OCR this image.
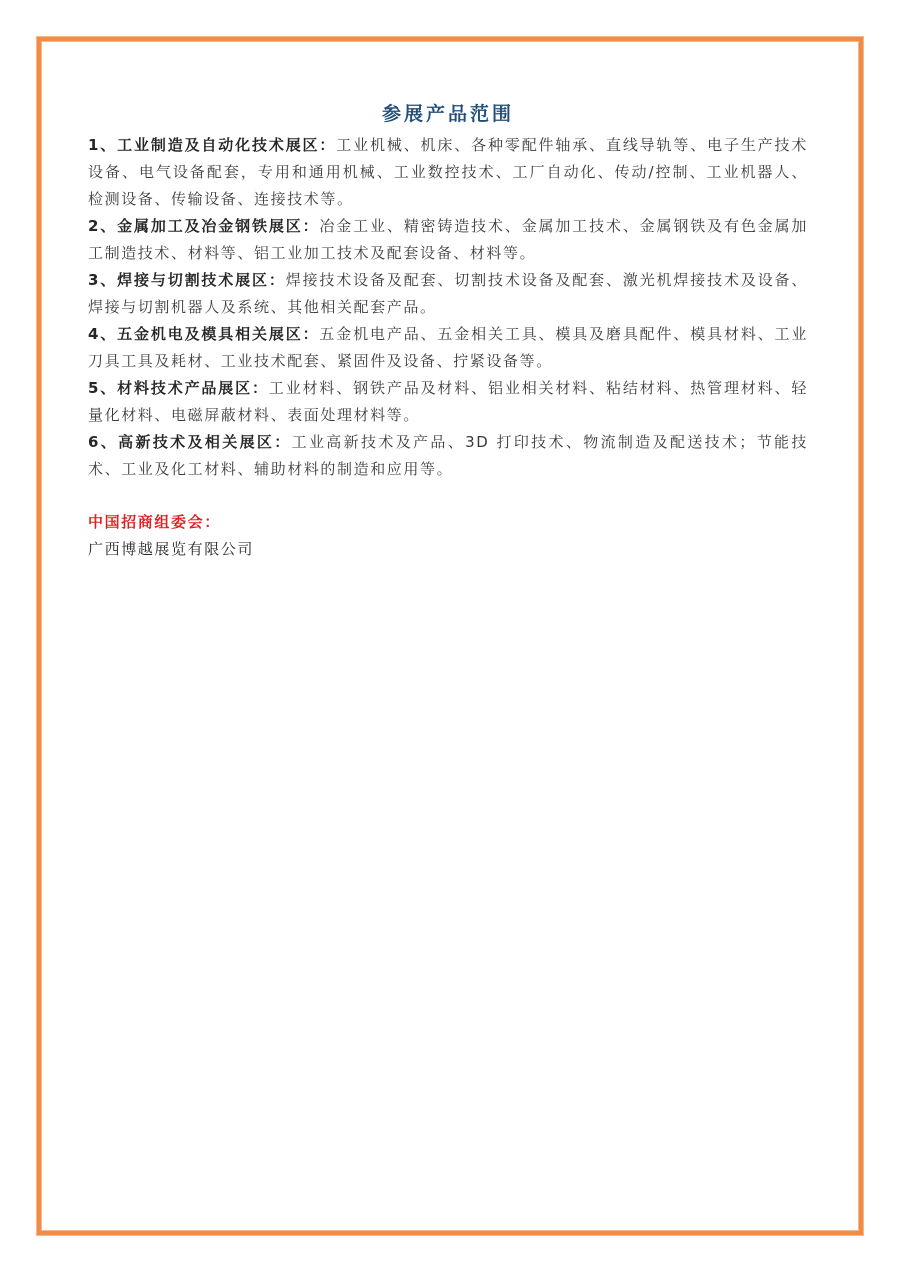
参展产品范围

1、工业制造及自动化技术展区：工业机械、机床、各种零配件轴承、直线导轨等、电子生产技术设备、电气设备配套，专用和通用机械、工业数控技术、工厂自动化、传动/控制、工业机器人、检测设备、传输设备、连接技术等。

2、金属加工及冶金钢铁展区：冶金工业、精密铸造技术、金属加工技术、金属钢铁及有色金属加工制造技术、材料等、铝工业加工技术及配套设备、材料等。

3、焊接与切割技术展区：焊接技术设备及配套、切割技术设备及配套、激光机焊接技术及设备、焊接与切割机器人及系统、其他相关配套产品。

4、五金机电及模具相关展区：五金机电产品、五金相关工具、模具及磨具配件、模具材料、工业刀具工具及耗材、工业技术配套、紧固件及设备、拧紧设备等。

5、材料技术产品展区：工业材料、钢铁产品及材料、铝业相关材料、粘结材料、热管理材料、轻量化材料、电磁屏蔽材料、表面处理材料等。

6、高新技术及相关展区：工业高新技术及产品、3D 打印技术、物流制造及配送技术；节能技术、工业及化工材料、辅助材料的制造和应用等。

中国招商组委会：
广西博越展览有限公司
